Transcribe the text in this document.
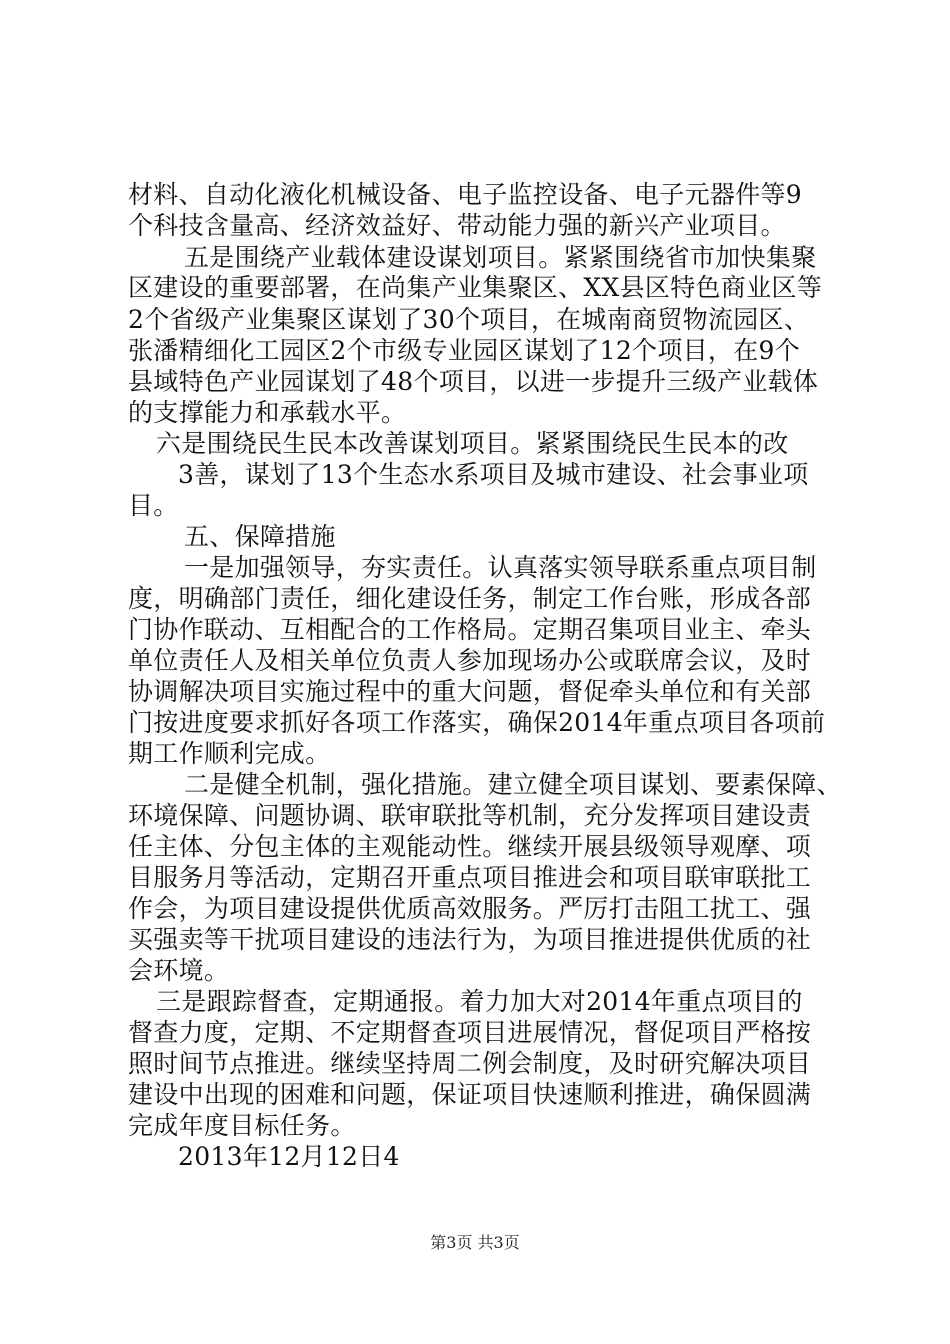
材料、自动化液化机械设备、电子监控设备、电子元器件等9
个科技含量高、经济效益好、带动能力强的新兴产业项目。
五是围绕产业载体建设谋划项目。紧紧围绕省市加快集聚
区建设的重要部署，在尚集产业集聚区、XX县区特色商业区等
2个省级产业集聚区谋划了30个项目，在城南商贸物流园区、
张潘精细化工园区2个市级专业园区谋划了12个项目，在9个
县域特色产业园谋划了48个项目，以进一步提升三级产业载体
的支撑能力和承载水平。
六是围绕民生民本改善谋划项目。紧紧围绕民生民本的改
3善，谋划了13个生态水系项目及城市建设、社会事业项
目。
五、保障措施
一是加强领导，夯实责任。认真落实领导联系重点项目制
度，明确部门责任，细化建设任务，制定工作台账，形成各部
门协作联动、互相配合的工作格局。定期召集项目业主、牵头
单位责任人及相关单位负责人参加现场办公或联席会议，及时
协调解决项目实施过程中的重大问题，督促牵头单位和有关部
门按进度要求抓好各项工作落实，确保2014年重点项目各项前
期工作顺利完成。
二是健全机制，强化措施。建立健全项目谋划、要素保障、
环境保障、问题协调、联审联批等机制，充分发挥项目建设责
任主体、分包主体的主观能动性。继续开展县级领导观摩、项
目服务月等活动，定期召开重点项目推进会和项目联审联批工
作会，为项目建设提供优质高效服务。严厉打击阻工扰工、强
买强卖等干扰项目建设的违法行为，为项目推进提供优质的社
会环境。
三是跟踪督查，定期通报。着力加大对2014年重点项目的
督查力度，定期、不定期督查项目进展情况，督促项目严格按
照时间节点推进。继续坚持周二例会制度，及时研究解决项目
建设中出现的困难和问题，保证项目快速顺利推进，确保圆满
完成年度目标任务。
2013年12月12日4
第3页 共3页
